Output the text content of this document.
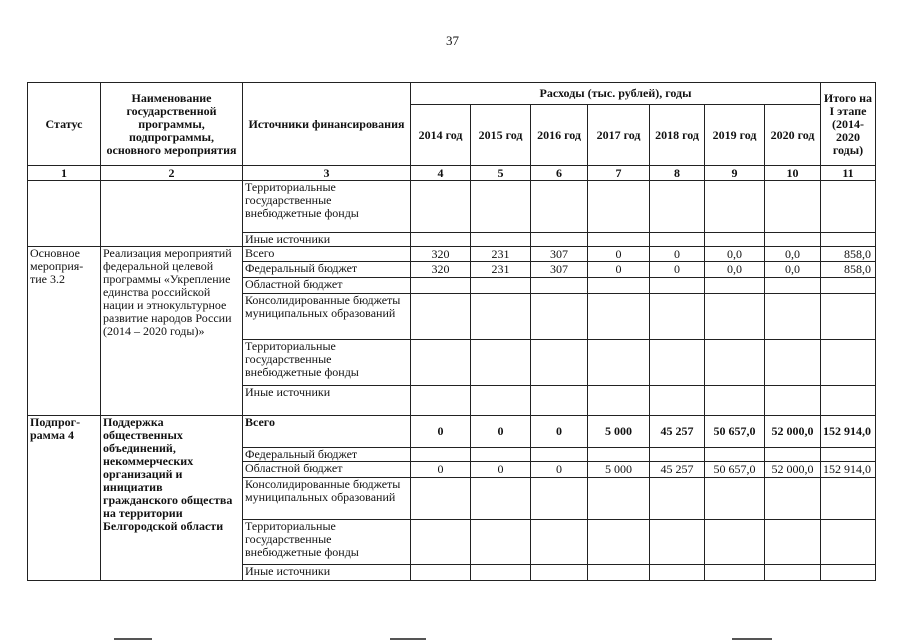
37
Статус	Наименование государственной программы, подпрограммы, основного мероприятия	Источники финансирования	Расходы (тыс. рублей), годы							Итого на I этапе (2014-2020 годы)
			2014 год	2015 год	2016 год	2017 год	2018 год	2019 год	2020 год	
1	2	3	4	5	6	7	8	9	10	11
		Территориальные государственные внебюджетные фонды								
		Иные источники								
Основное мероприя-тие 3.2	Реализация мероприятий федеральной целевой программы «Укрепление единства российской нации и этнокультурное развитие народов России (2014 – 2020 годы)»	Всего	320	231	307	0	0	0,0	0,0	858,0
		Федеральный бюджет	320	231	307	0	0	0,0	0,0	858,0
		Областной бюджет								
		Консолидированные бюджеты муниципальных образований								
		Территориальные государственные внебюджетные фонды								
		Иные источники								
Подпрог-рамма 4	Поддержка общественных объединений, некоммерческих организаций и инициатив гражданского общества на территории Белгородской области	Всего	0	0	0	5 000	45 257	50 657,0	52 000,0	152 914,0
		Федеральный бюджет								
		Областной бюджет	0	0	0	5 000	45 257	50 657,0	52 000,0	152 914,0
		Консолидированные бюджеты муниципальных образований								
		Территориальные государственные внебюджетные фонды								
		Иные источники								
